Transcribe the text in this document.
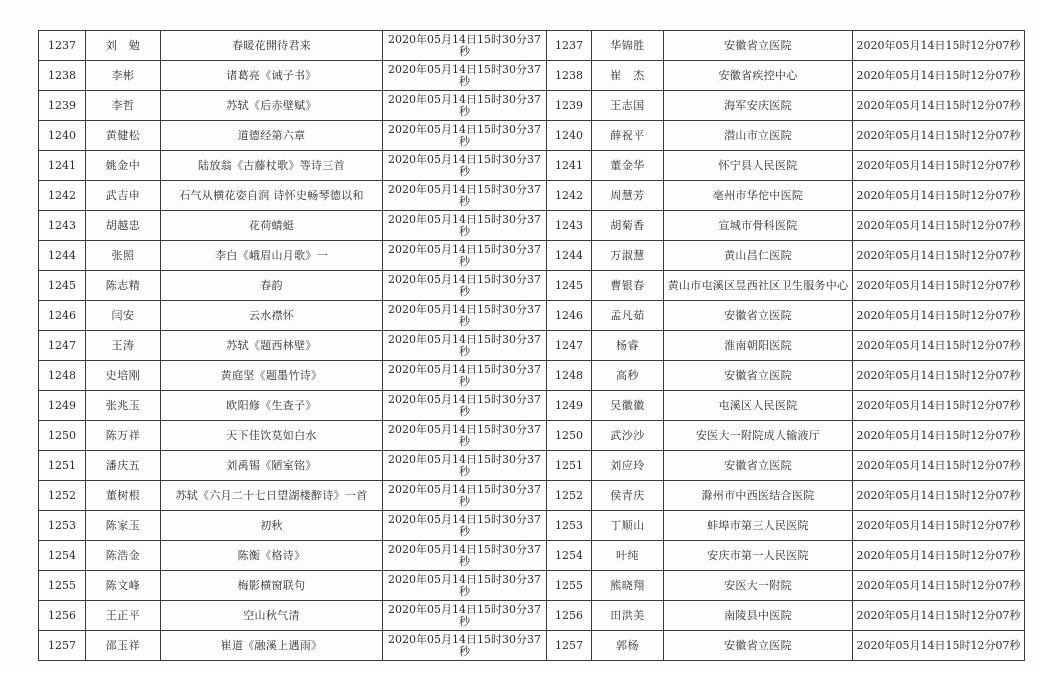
1237	刘　勉	春暖花開待君来	2020年05月14日15时30分37秒	1237	华锦胜	安徽省立医院	2020年05月14日15时12分07秒
1238	李彬	诸葛亮《诫子书》	2020年05月14日15时30分37秒	1238	崔　杰	安徽省疾控中心	2020年05月14日15时12分07秒
1239	李哲	苏轼《后赤壁赋》	2020年05月14日15时30分37秒	1239	王志国	海军安庆医院	2020年05月14日15时12分07秒
1240	黄健松	道德经第六章	2020年05月14日15时30分37秒	1240	薛祝平	潜山市立医院	2020年05月14日15时12分07秒
1241	姚金中	陆放翁《古藤杖歌》等诗三首	2020年05月14日15时30分37秒	1241	董金华	怀宁县人民医院	2020年05月14日15时12分07秒
1242	武吉申	石气从横花姿自润 诗怀史畅琴德以和	2020年05月14日15时30分37秒	1242	周慧芳	亳州市华佗中医院	2020年05月14日15时12分07秒
1243	胡越忠	花荷蜻蜓	2020年05月14日15时30分37秒	1243	胡菊香	宣城市骨科医院	2020年05月14日15时12分07秒
1244	张照	李白《峨眉山月歌》一	2020年05月14日15时30分37秒	1244	万淑慧	黄山昌仁医院	2020年05月14日15时12分07秒
1245	陈志精	春韵	2020年05月14日15时30分37秒	1245	曹银春	黄山市屯溪区昱西社区卫生服务中心	2020年05月14日15时12分07秒
1246	闫安	云水襟怀	2020年05月14日15时30分37秒	1246	孟凡茹	安徽省立医院	2020年05月14日15时12分07秒
1247	王涛	苏轼《题西林壁》	2020年05月14日15时30分37秒	1247	杨睿	淮南朝阳医院	2020年05月14日15时12分07秒
1248	史培刚	黄庭坚《题墨竹诗》	2020年05月14日15时30分37秒	1248	高秒	安徽省立医院	2020年05月14日15时12分07秒
1249	张兆玉	欧阳修《生查子》	2020年05月14日15时30分37秒	1249	吴徽徽	屯溪区人民医院	2020年05月14日15时12分07秒
1250	陈万祥	天下佳饮莫如白水	2020年05月14日15时30分37秒	1250	武沙沙	安医大一附院成人输液厅	2020年05月14日15时12分07秒
1251	潘庆五	刘禹锡《陋室铭》	2020年05月14日15时30分37秒	1251	刘应玲	安徽省立医院	2020年05月14日15时12分07秒
1252	董树根	苏轼《六月二十七日望湖楼醉诗》一首	2020年05月14日15时30分37秒	1252	侯青庆	滁州市中西医结合医院	2020年05月14日15时12分07秒
1253	陈家玉	初秋	2020年05月14日15时30分37秒	1253	丁顺山	蚌埠市第三人民医院	2020年05月14日15时12分07秒
1254	陈浩金	陈衡《格诗》	2020年05月14日15时30分37秒	1254	叶纯	安庆市第一人民医院	2020年05月14日15时12分07秒
1255	陈文峰	梅影横窗联句	2020年05月14日15时30分37秒	1255	熊晓翔	安医大一附院	2020年05月14日15时12分07秒
1256	王正平	空山秋气清	2020年05月14日15时30分37秒	1256	田洪美	南陵县中医院	2020年05月14日15时12分07秒
1257	邵玉祥	崔道《融溪上遇雨》	2020年05月14日15时30分37秒	1257	郭杨	安徽省立医院	2020年05月14日15时12分07秒
